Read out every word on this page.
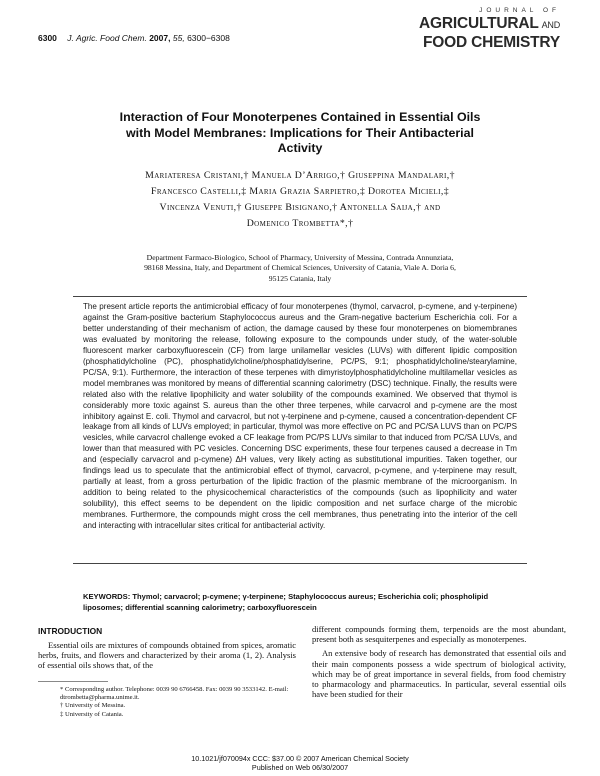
6300 J. Agric. Food Chem. 2007, 55, 6300−6308
JOURNAL OF
AGRICULTURAL AND
FOOD CHEMISTRY
Interaction of Four Monoterpenes Contained in Essential Oils with Model Membranes: Implications for Their Antibacterial Activity
Mariateresa Cristani,† Manuela D’Arrigo,† Giuseppina Mandalari,†
Francesco Castelli,‡ Maria Grazia Sarpietro,‡ Dorotea Micieli,‡
Vincenza Venuti,† Giuseppe Bisignano,† Antonella Saija,† and
Domenico Trombetta*,†
Department Farmaco-Biologico, School of Pharmacy, University of Messina, Contrada Annunziata,
98168 Messina, Italy, and Department of Chemical Sciences, University of Catania, Viale A. Doria 6,
95125 Catania, Italy
The present article reports the antimicrobial efficacy of four monoterpenes (thymol, carvacrol, p-cymene, and γ-terpinene) against the Gram-positive bacterium Staphylococcus aureus and the Gram-negative bacterium Escherichia coli. For a better understanding of their mechanism of action, the damage caused by these four monoterpenes on biomembranes was evaluated by monitoring the release, following exposure to the compounds under study, of the water-soluble fluorescent marker carboxyfluorescein (CF) from large unilamellar vesicles (LUVs) with different lipidic composition (phosphatidylcholine (PC), phosphatidylcholine/phosphatidylserine, PC/PS, 9:1; phosphatidylcholine/stearylamine, PC/SA, 9:1). Furthermore, the interaction of these terpenes with dimyristoylphosphatidylcholine multilamellar vesicles as model membranes was monitored by means of differential scanning calorimetry (DSC) technique. Finally, the results were related also with the relative lipophilicity and water solubility of the compounds examined. We observed that thymol is considerably more toxic against S. aureus than the other three terpenes, while carvacrol and p-cymene are the most inhibitory against E. coli. Thymol and carvacrol, but not γ-terpinene and p-cymene, caused a concentration-dependent CF leakage from all kinds of LUVs employed; in particular, thymol was more effective on PC and PC/SA LUVS than on PC/PS vesicles, while carvacrol challenge evoked a CF leakage from PC/PS LUVs similar to that induced from PC/SA LUVs, and lower than that measured with PC vesicles. Concerning DSC experiments, these four terpenes caused a decrease in Tm and (especially carvacrol and p-cymene) ΔH values, very likely acting as substitutional impurities. Taken together, our findings lead us to speculate that the antimicrobial effect of thymol, carvacrol, p-cymene, and γ-terpinene may result, partially at least, from a gross perturbation of the lipidic fraction of the plasmic membrane of the microorganism. In addition to being related to the physicochemical characteristics of the compounds (such as lipophilicity and water solubility), this effect seems to be dependent on the lipidic composition and net surface charge of the microbic membranes. Furthermore, the compounds might cross the cell membranes, thus penetrating into the interior of the cell and interacting with intracellular sites critical for antibacterial activity.
KEYWORDS: Thymol; carvacrol; p-cymene; γ-terpinene; Staphylococcus aureus; Escherichia coli; phospholipid liposomes; differential scanning calorimetry; carboxyfluorescein
INTRODUCTION

Essential oils are mixtures of compounds obtained from spices, aromatic herbs, fruits, and flowers and characterized by their aroma (1, 2). Analysis of essential oils shows that, of the

* Corresponding author. Telephone: 0039 90 6766458. Fax: 0039 90 3533142. E-mail: dtrombetta@pharma.unime.it.
† University of Messina.
‡ University of Catania.

different compounds forming them, terpenoids are the most abundant, present both as sesquiterpenes and especially as monoterpenes.

An extensive body of research has demonstrated that essential oils and their main components possess a wide spectrum of biological activity, which may be of great importance in several fields, from food chemistry to pharmacology and pharmaceutics. In particular, several essential oils have been studied for their

10.1021/jf070094x CCC: $37.00 © 2007 American Chemical Society
Published on Web 06/30/2007
